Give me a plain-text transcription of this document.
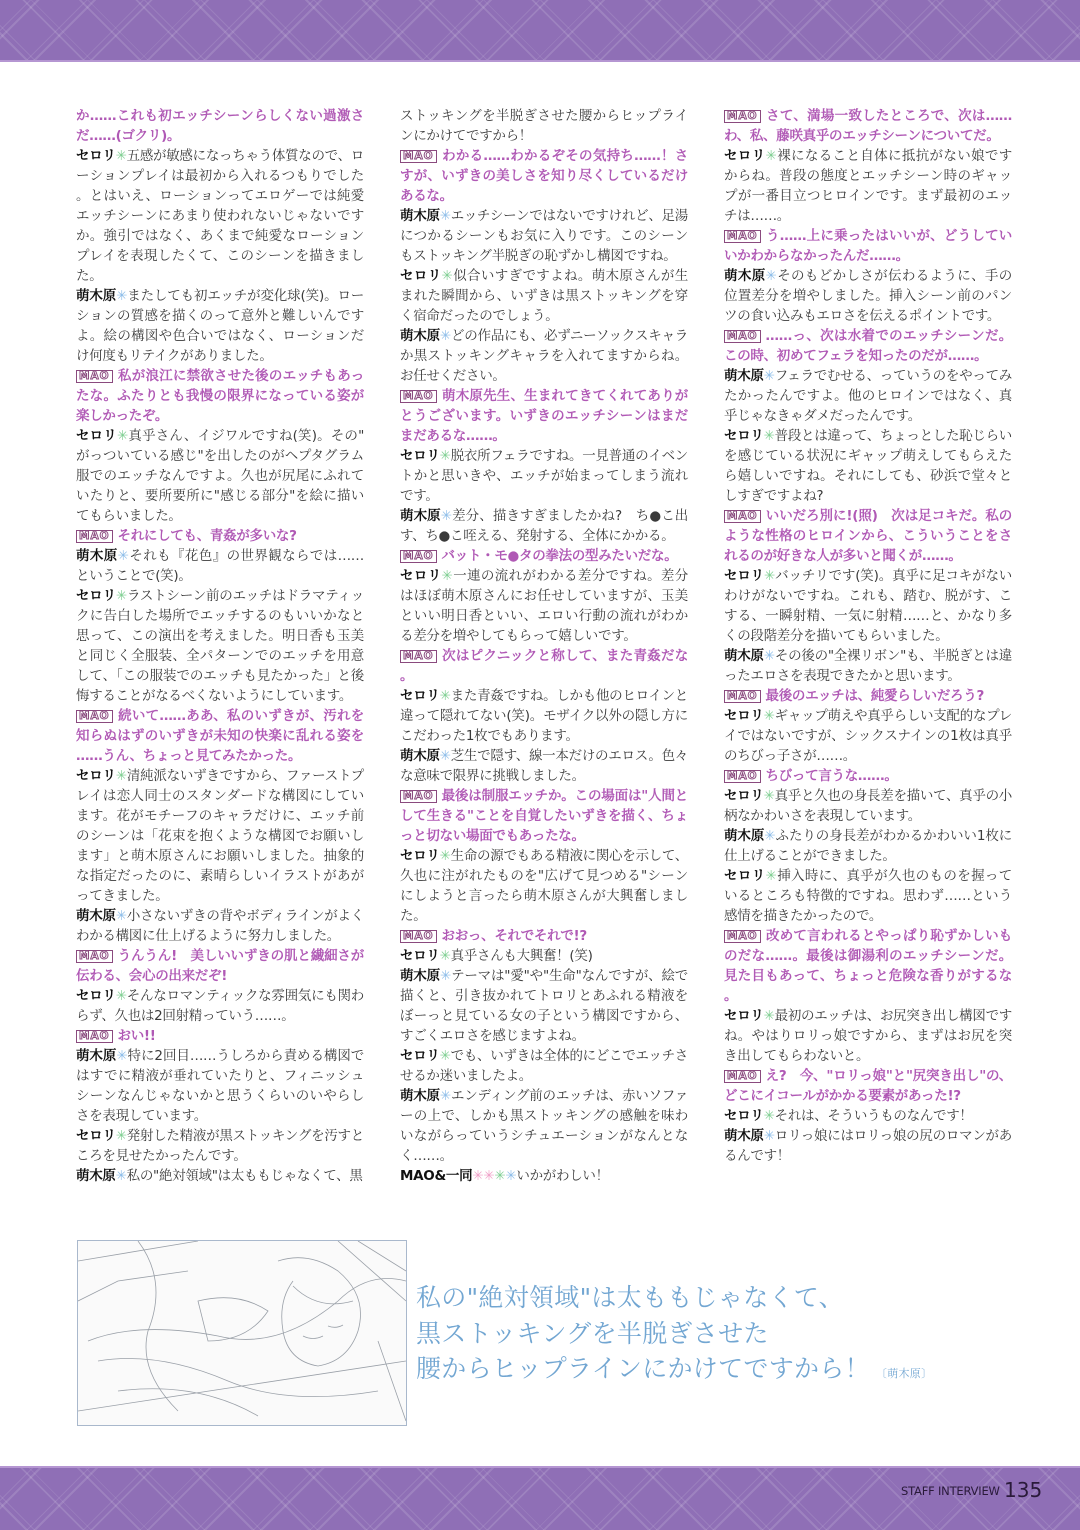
か……これも初エッチシーンらしくない過激さだ……(ゴクリ)。

セロリ✳五感が敏感になっちゃう体質なので、ローションプレイは最初から入れるつもりでした。とはいえ、ローションってエロゲーでは純愛エッチシーンにあまり使われないじゃないですか。強引ではなく、あくまで純愛なローションプレイを表現したくて、このシーンを描きました。

萌木原✳またしても初エッチが変化球(笑)。ローションの質感を描くのって意外と難しいんですよ。絵の構図や色合いではなく、ローションだけ何度もリテイクがありました。

MAO 私が浪江に禁欲させた後のエッチもあったな。ふたりとも我慢の限界になっている姿が楽しかったぞ。

セロリ✳真乎さん、イジワルですね(笑)。その"がっついている感じ"を出したのがヘプタグラム服でのエッチなんですよ。久也が尻尾にふれていたりと、要所要所に"感じる部分"を絵に描いてもらいました。

MAO それにしても、青姦が多いな?

萌木原✳それも『花色』の世界観ならでは……ということで(笑)。

セロリ✳ラストシーン前のエッチはドラマティックに告白した場所でエッチするのもいいかなと思って、この演出を考えました。明日香も玉美と同じく全服装、全パターンでのエッチを用意して、「この服装でのエッチも見たかった」と後悔することがなるべくないようにしています。

MAO 続いて……ああ、私のいずきが、汚れを知らぬはずのいずきが未知の快楽に乱れる姿を……うん、ちょっと見てみたかった。

セロリ✳清純派ないずきですから、ファーストプレイは恋人同士のスタンダードな構図にしています。花がモチーフのキャラだけに、エッチ前のシーンは「花束を抱くような構図でお願いします」と萌木原さんにお願いしました。抽象的な指定だったのに、素晴らしいイラストがあがってきました。

萌木原✳小さないずきの背やボディラインがよくわかる構図に仕上げるように努力しました。

MAO うんうん!　美しいいずきの肌と繊細さが伝わる、会心の出来だぞ!

セロリ✳そんなロマンティックな雰囲気にも関わらず、久也は2回射精っていう……。

MAO おい!!

萌木原✳特に2回目……うしろから責める構図ではすでに精液が垂れていたりと、フィニッシュシーンなんじゃないかと思うくらいのいやらしさを表現しています。

セロリ✳発射した精液が黒ストッキングを汚すところを見せたかったんです。

萌木原✳私の"絶対領域"は太ももじゃなくて、黒

ストッキングを半脱ぎさせた腰からヒップラインにかけてですから！

MAO わかる……わかるぞその気持ち……！さすが、いずきの美しさを知り尽くしているだけあるな。

萌木原✳エッチシーンではないですけれど、足湯につかるシーンもお気に入りです。このシーンもストッキング半脱ぎの恥ずかし構図ですね。

セロリ✳似合いすぎですよね。萌木原さんが生まれた瞬間から、いずきは黒ストッキングを穿く宿命だったのでしょう。

萌木原✳どの作品にも、必ずニーソックスキャラか黒ストッキングキャラを入れてますからね。お任せください。

MAO 萌木原先生、生まれてきてくれてありがとうございます。いずきのエッチシーンはまだまだあるな……。

セロリ✳脱衣所フェラですね。一見普通のイベントかと思いきや、エッチが始まってしまう流れです。

萌木原✳差分、描きすぎましたかね?　ち●こ出す、ち●こ咥える、発射する、全体にかかる。

MAO バット・モ●タの拳法の型みたいだな。

セロリ✳一連の流れがわかる差分ですね。差分はほぼ萌木原さんにお任せしていますが、玉美といい明日香といい、エロい行動の流れがわかる差分を増やしてもらって嬉しいです。

MAO 次はピクニックと称して、また青姦だな。

セロリ✳また青姦ですね。しかも他のヒロインと違って隠れてない(笑)。モザイク以外の隠し方にこだわった1枚でもあります。

萌木原✳芝生で隠す、線一本だけのエロス。色々な意味で限界に挑戦しました。

MAO 最後は制服エッチか。この場面は"人間として生きる"ことを自覚したいずきを描く、ちょっと切ない場面でもあったな。

セロリ✳生命の源でもある精液に関心を示して、久也に注がれたものを"広げて見つめる"シーンにしようと言ったら萌木原さんが大興奮しました。

MAO おおっ、それでそれで!?

セロリ✳真乎さんも大興奮！(笑)

萌木原✳テーマは"愛"や"生命"なんですが、絵で描くと、引き抜かれてトロリとあふれる精液をぼーっと見ている女の子という構図ですから、すごくエロさを感じますよね。

セロリ✳でも、いずきは全体的にどこでエッチさせるか迷いましたよ。

萌木原✳エンディング前のエッチは、赤いソファーの上で、しかも黒ストッキングの感触を味わいながらっていうシチュエーションがなんとなく……。

MAO&一同✳✳✳✳いかがわしい！

MAO さて、満場一致したところで、次は……わ、私、藤咲真乎のエッチシーンについてだ。

セロリ✳裸になること自体に抵抗がない娘ですからね。普段の態度とエッチシーン時のギャップが一番目立つヒロインです。まず最初のエッチは……。

MAO う……上に乗ったはいいが、どうしていいかわからなかったんだ……。

萌木原✳そのもどかしさが伝わるように、手の位置差分を増やしました。挿入シーン前のパンツの食い込みもエロさを伝えるポイントです。

MAO ……っ、次は水着でのエッチシーンだ。この時、初めてフェラを知ったのだが……。

萌木原✳フェラでむせる、っていうのをやってみたかったんですよ。他のヒロインではなく、真乎じゃなきゃダメだったんです。

セロリ✳普段とは違って、ちょっとした恥じらいを感じている状況にギャップ萌えしてもらえたら嬉しいですね。それにしても、砂浜で堂々としすぎですよね?

MAO いいだろ別に!(照)　次は足コキだ。私のような性格のヒロインから、こういうことをされるのが好きな人が多いと聞くが……。

セロリ✳バッチリです(笑)。真乎に足コキがないわけがないですね。これも、踏む、脱がす、こする、一瞬射精、一気に射精……と、かなり多くの段階差分を描いてもらいました。

萌木原✳その後の"全裸リボン"も、半脱ぎとは違ったエロさを表現できたかと思います。

MAO 最後のエッチは、純愛らしいだろう?

セロリ✳ギャップ萌えや真乎らしい支配的なプレイではないですが、シックスナインの1枚は真乎のちびっ子さが……。

MAO ちびって言うな……。

セロリ✳真乎と久也の身長差を描いて、真乎の小柄なかわいさを表現しています。

萌木原✳ふたりの身長差がわかるかわいい1枚に仕上げることができました。

セロリ✳挿入時に、真乎が久也のものを握っているところも特徴的ですね。思わず……という感情を描きたかったので。

MAO 改めて言われるとやっぱり恥ずかしいものだな……。最後は御湯利のエッチシーンだ。見た目もあって、ちょっと危険な香りがするな。

セロリ✳最初のエッチは、お尻突き出し構図ですね。やはりロリっ娘ですから、まずはお尻を突き出してもらわないと。

MAO え?　今、"ロリっ娘"と"尻突き出し"の、どこにイコールがかかる要素があった!?

セロリ✳それは、そういうものなんです！

萌木原✳ロリっ娘にはロリっ娘の尻のロマンがあるんです！

私の"絶対領域"は太ももじゃなくて、
黒ストッキングを半脱ぎさせた
腰からヒップラインにかけてですから！ 〔萌木原〕
STAFF INTERVIEW 135
